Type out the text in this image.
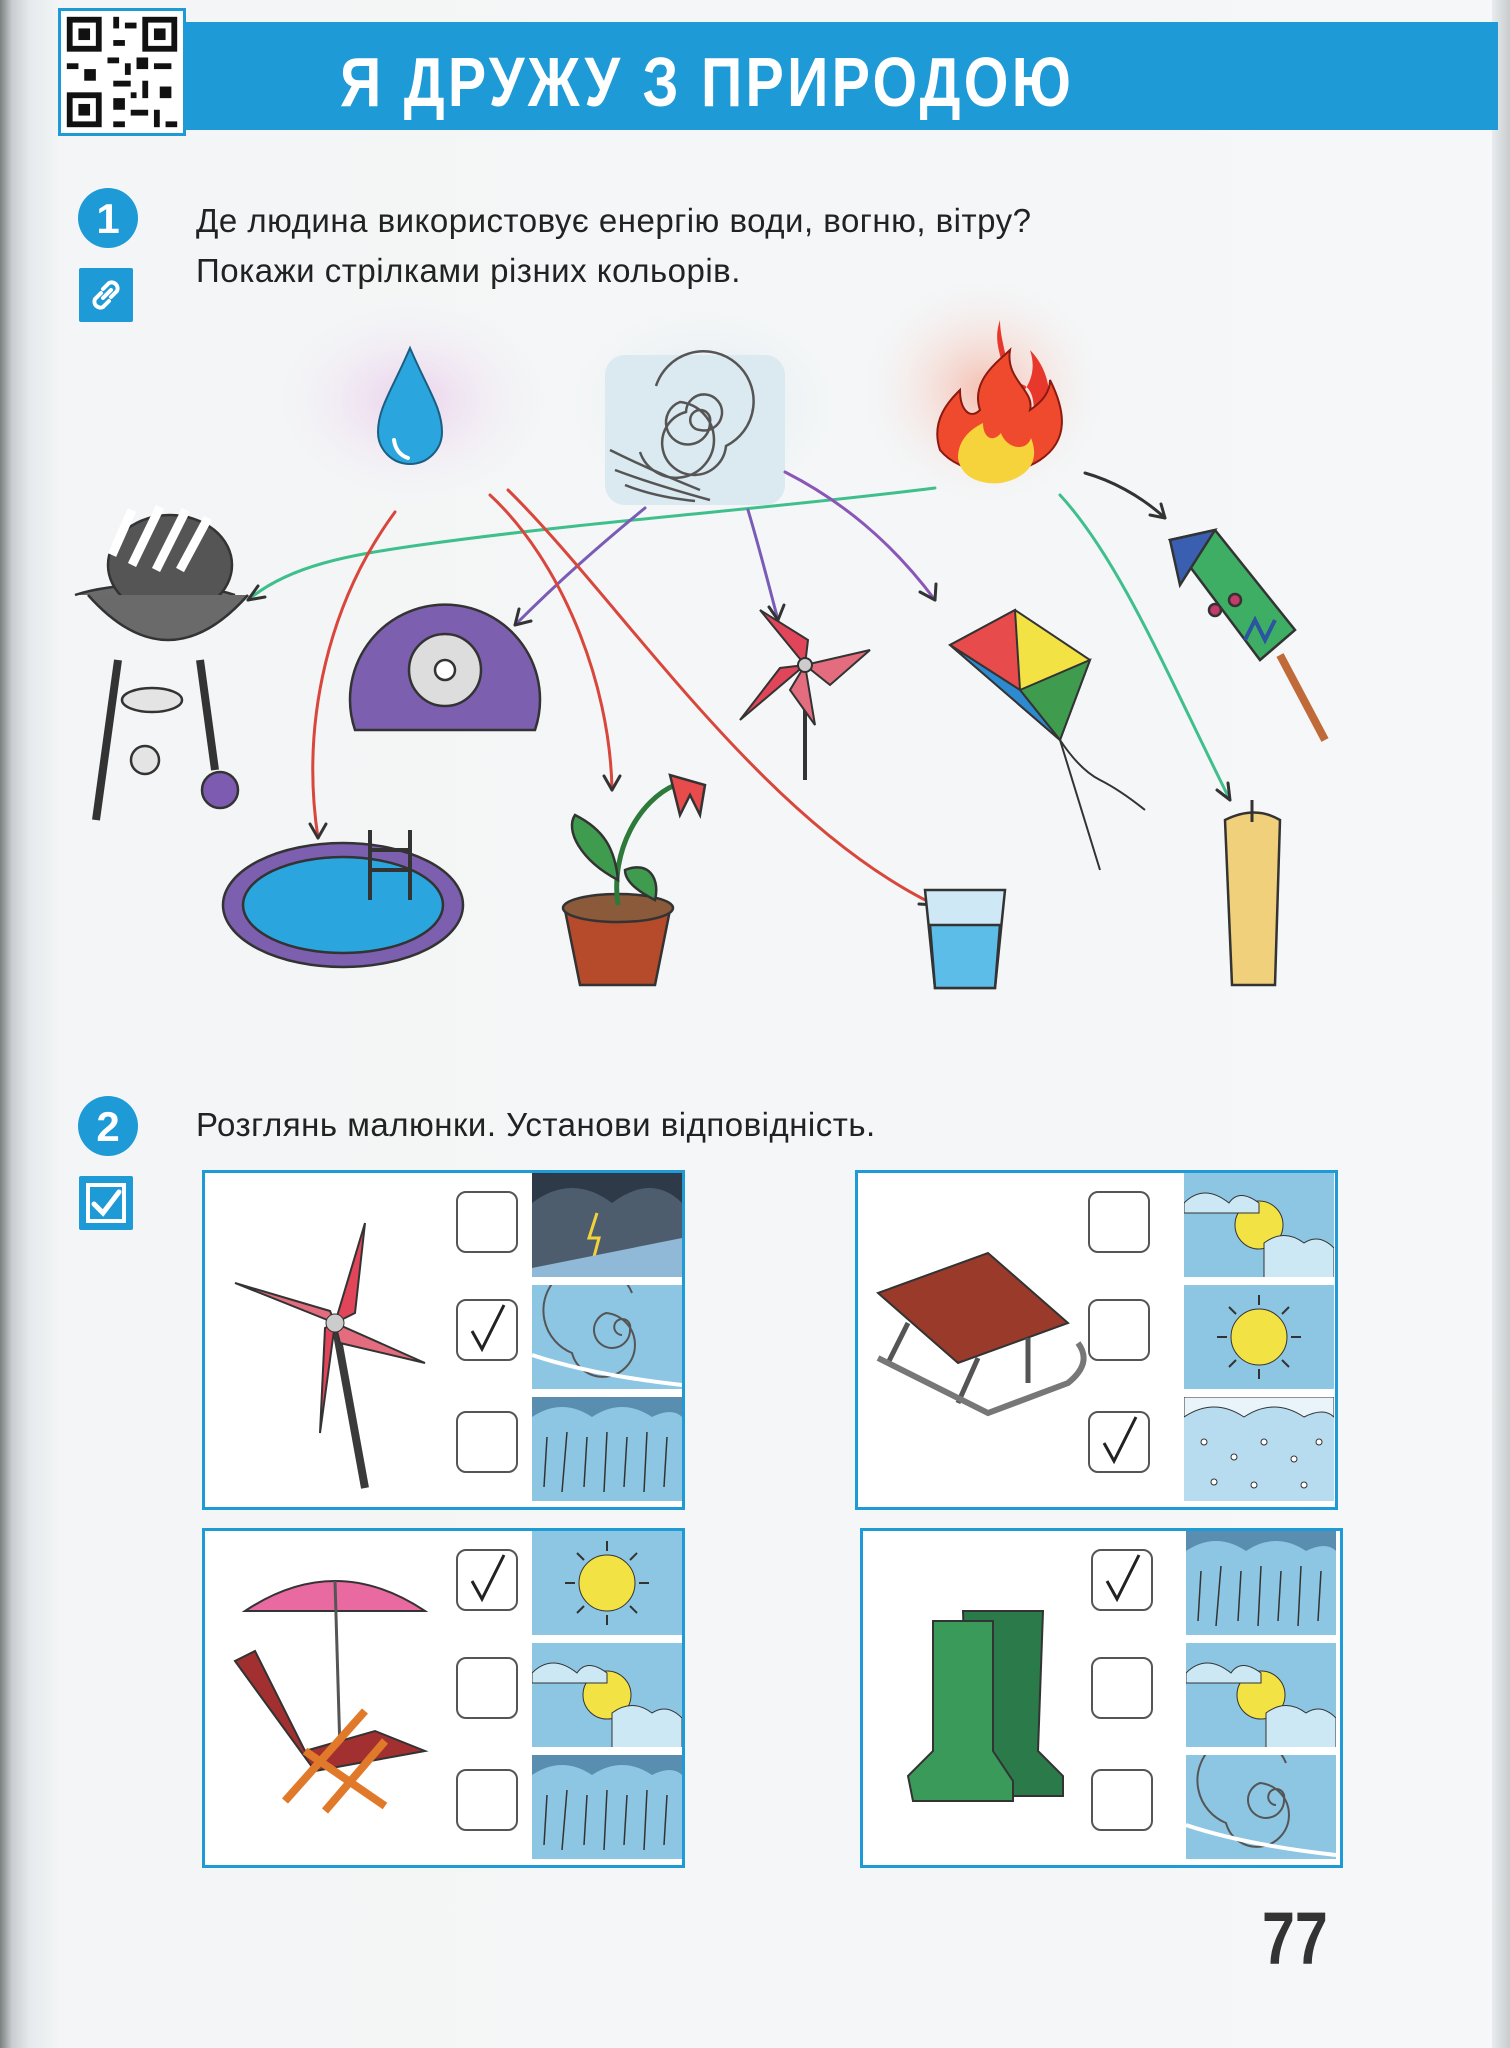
Я ДРУЖУ З ПРИРОДОЮ
1	Де людина використовує енергію води, вогню, вітру?
Покажи стрілками різних кольорів.
2	Розглянь малюнки. Установи відповідність.
77
